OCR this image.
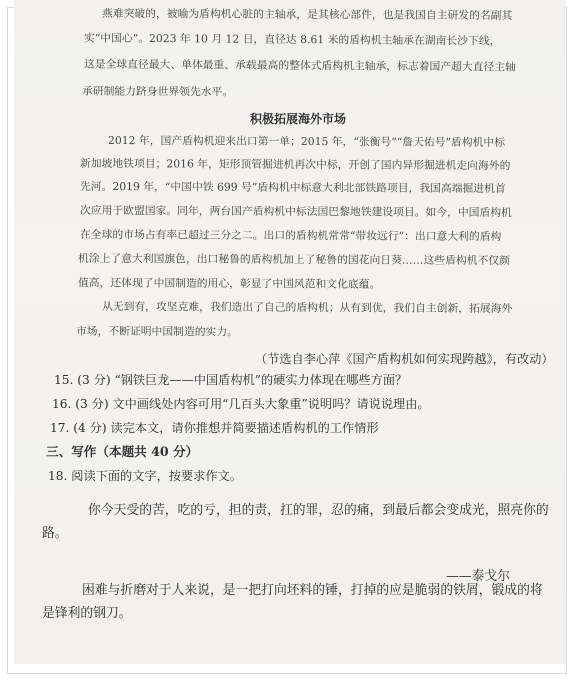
燕难突破的，被喻为盾构机心脏的主轴承，是其核心部件，也是我国自主研发的名副其
实“中国心”。2023 年 10 月 12 日，直径达 8.61 米的盾构机主轴承在湖南长沙下线，
这是全球直径最大、单体最重、承载最高的整体式盾构机主轴承，标志着国产超大直径主轴
承研制能力跻身世界领先水平。
积极拓展海外市场
2012 年，国产盾构机迎来出口第一单；2015 年，“张衡号”“詹天佑号”盾构机中标
新加坡地铁项目；2016 年，矩形顶管掘进机再次中标，开创了国内异形掘进机走向海外的
先河。2019 年，“中国中铁 699 号”盾构机中标意大利北部铁路项目，我国高端掘进机首
次应用于欧盟国家。同年，两台国产盾构机中标法国巴黎地铁建设项目。如今，中国盾构机
在全球的市场占有率已超过三分之二。出口的盾构机常常“带妆远行”：出口意大利的盾构
机涂上了意大利国旗色，出口秘鲁的盾构机加上了秘鲁的国花向日葵……这些盾构机不仅颜
值高，还体现了中国制造的用心，彰显了中国风范和文化底蕴。
从无到有，攻坚克难，我们造出了自己的盾构机；从有到优，我们自主创新，拓展海外
市场，不断证明中国制造的实力。
（节选自李心萍《国产盾构机如何实现跨越》，有改动）
15. (3 分) “钢铁巨龙——中国盾构机”的硬实力体现在哪些方面？
16. (3 分) 文中画线处内容可用“几百头大象重”说明吗？请说说理由。
17. (4 分) 读完本文，请你推想并简要描述盾构机的工作情形
三、写作（本题共 40 分）
18. 阅读下面的文字，按要求作文。
你今天受的苦，吃的亏，担的责，扛的罪，忍的痛，到最后都会变成光，照亮你的
路。
——泰戈尔
困难与折磨对于人来说，是一把打向坯料的锤，打掉的应是脆弱的铁屑，锻成的将
是锋利的钢刀。
